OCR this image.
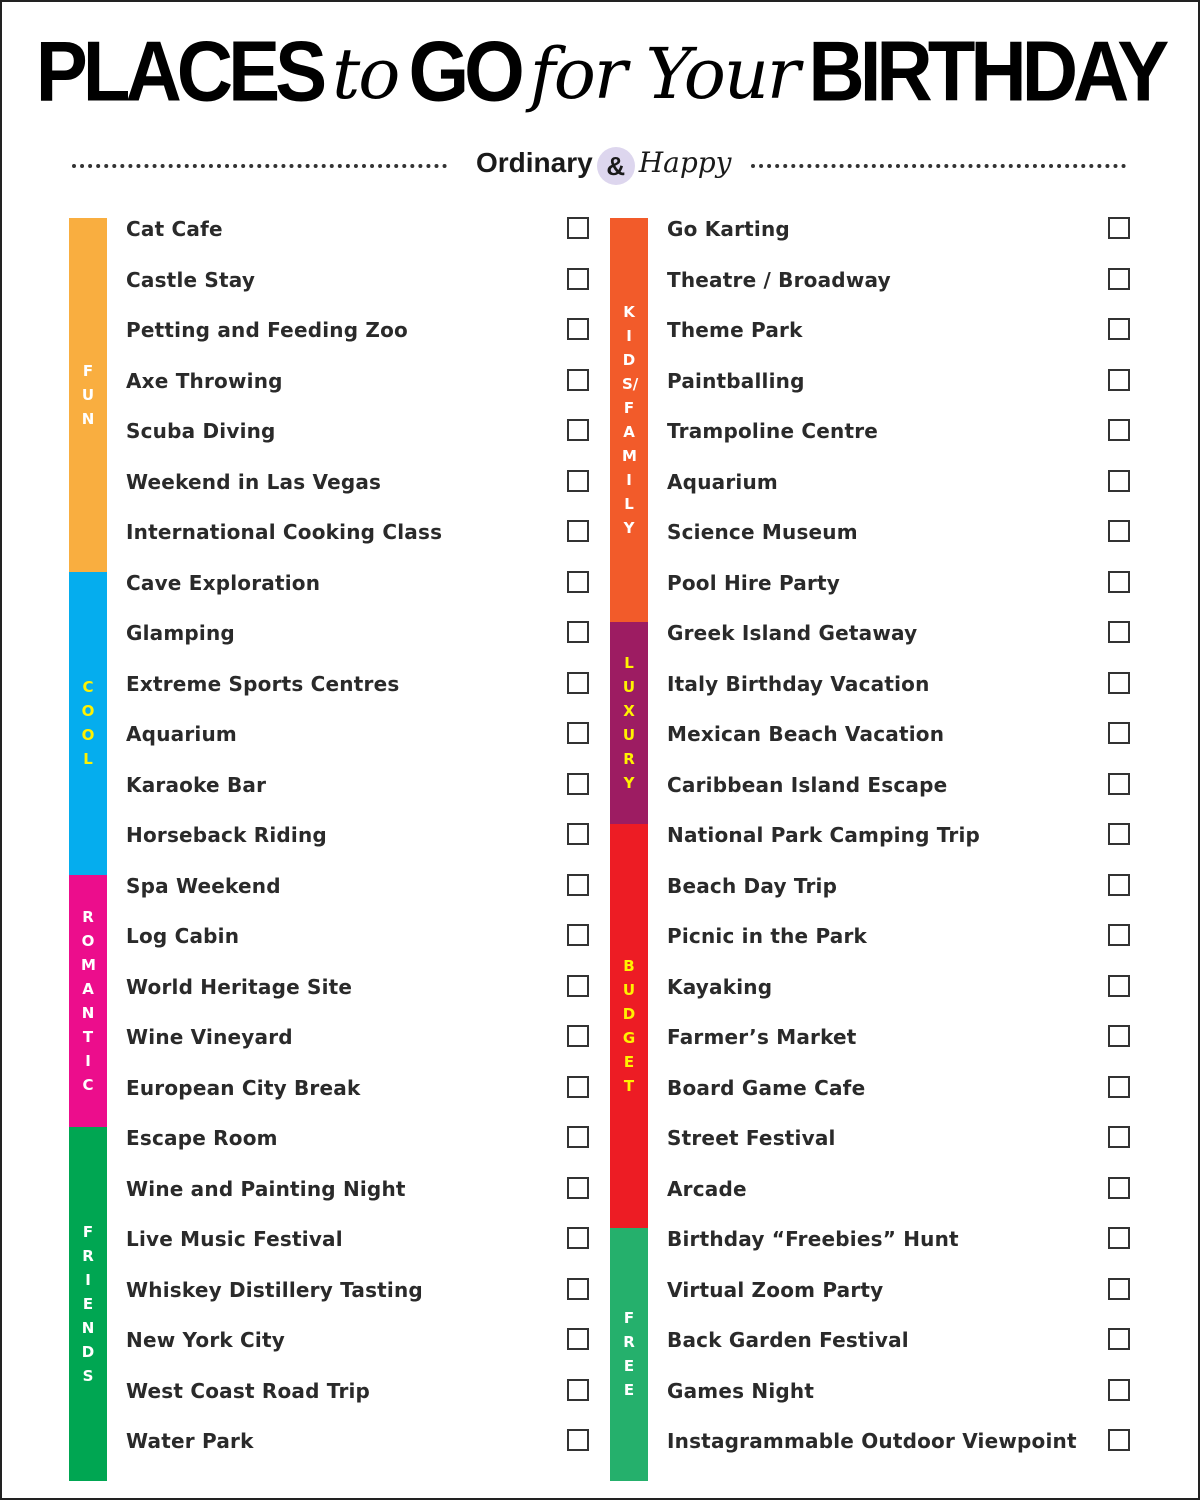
PLACES to GO for Your BIRTHDAY
Ordinary & Happy
FUN
COOL
ROMANTIC
FRIENDS
Cat Cafe
Castle Stay
Petting and Feeding Zoo
Axe Throwing
Scuba Diving
Weekend in Las Vegas
International Cooking Class
Cave Exploration
Glamping
Extreme Sports Centres
Aquarium
Karaoke Bar
Horseback Riding
Spa Weekend
Log Cabin
World Heritage Site
Wine Vineyard
European City Break
Escape Room
Wine and Painting Night
Live Music Festival
Whiskey Distillery Tasting
New York City
West Coast Road Trip
Water Park
KIDS/FAMILY
LUXURY
BUDGET
FREE
Go Karting
Theatre / Broadway
Theme Park
Paintballing
Trampoline Centre
Aquarium
Science Museum
Pool Hire Party
Greek Island Getaway
Italy Birthday Vacation
Mexican Beach Vacation
Caribbean Island Escape
National Park Camping Trip
Beach Day Trip
Picnic in the Park
Kayaking
Farmer’s Market
Board Game Cafe
Street Festival
Arcade
Birthday “Freebies” Hunt
Virtual Zoom Party
Back Garden Festival
Games Night
Instagrammable Outdoor Viewpoint
